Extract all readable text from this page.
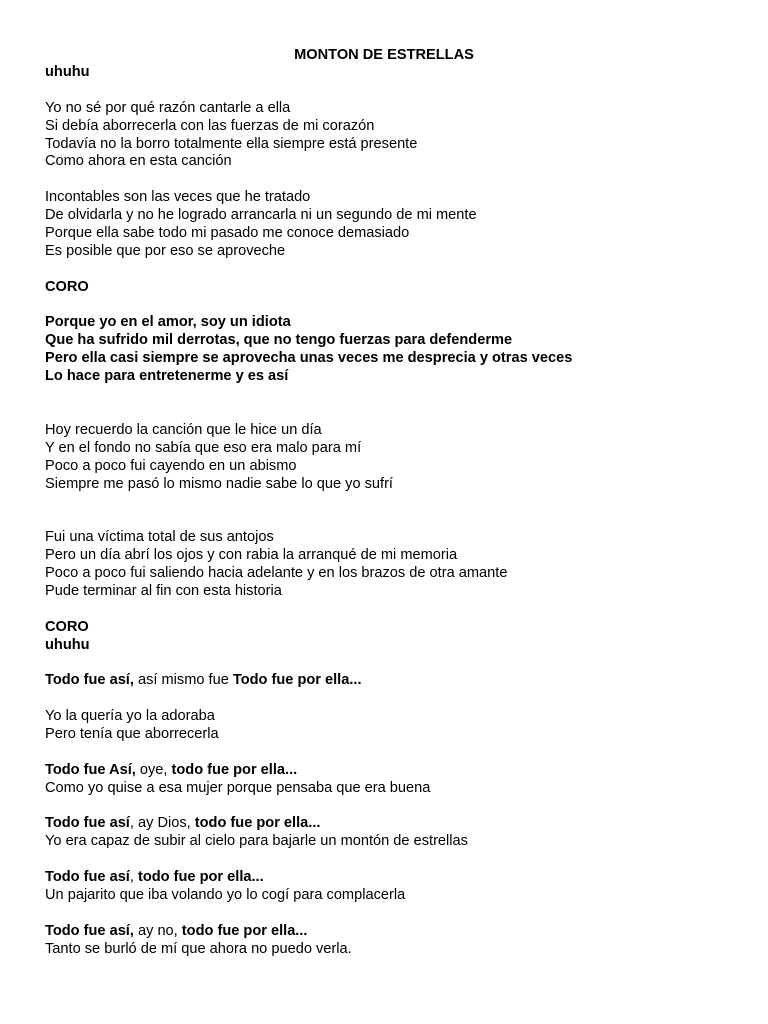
MONTON DE ESTRELLAS
uhuhu
Yo no sé por qué razón cantarle a ella
Si debía aborrecerla con las fuerzas de mi corazón
Todavía no la borro totalmente ella siempre está presente
Como ahora en esta canción
Incontables son las veces que he tratado
De olvidarla y no he logrado arrancarla ni un segundo de mi mente
Porque ella sabe todo mi pasado me conoce demasiado
Es posible que por eso se aproveche
CORO
Porque yo en el amor, soy un idiota
Que ha sufrido mil derrotas, que no tengo fuerzas para defenderme
Pero ella casi siempre se aprovecha unas veces me desprecia y otras veces
Lo hace para entretenerme y es así
Hoy recuerdo la canción que le hice un día
Y en el fondo no sabía que eso era malo para mí
Poco a poco fui cayendo en un abismo
Siempre me pasó lo mismo nadie sabe lo que yo sufrí
Fui una víctima total de sus antojos
Pero un día abrí los ojos y con rabia la arranqué de mi memoria
Poco a poco fui saliendo hacia adelante y en los brazos de otra amante
Pude terminar al fin con esta historia
CORO
uhuhu
Todo fue así, así mismo fue Todo fue por ella...
Yo la quería yo la adoraba
Pero tenía que aborrecerla
Todo fue Así, oye, todo fue por ella...
Como yo quise a esa mujer porque pensaba que era buena
Todo fue así, ay Dios, todo fue por ella...
Yo era capaz de subir al cielo para bajarle un montón de estrellas
Todo fue así, todo fue por ella...
Un pajarito que iba volando yo lo cogí para complacerla
Todo fue así, ay no, todo fue por ella...
Tanto se burló de mí que ahora no puedo verla.
